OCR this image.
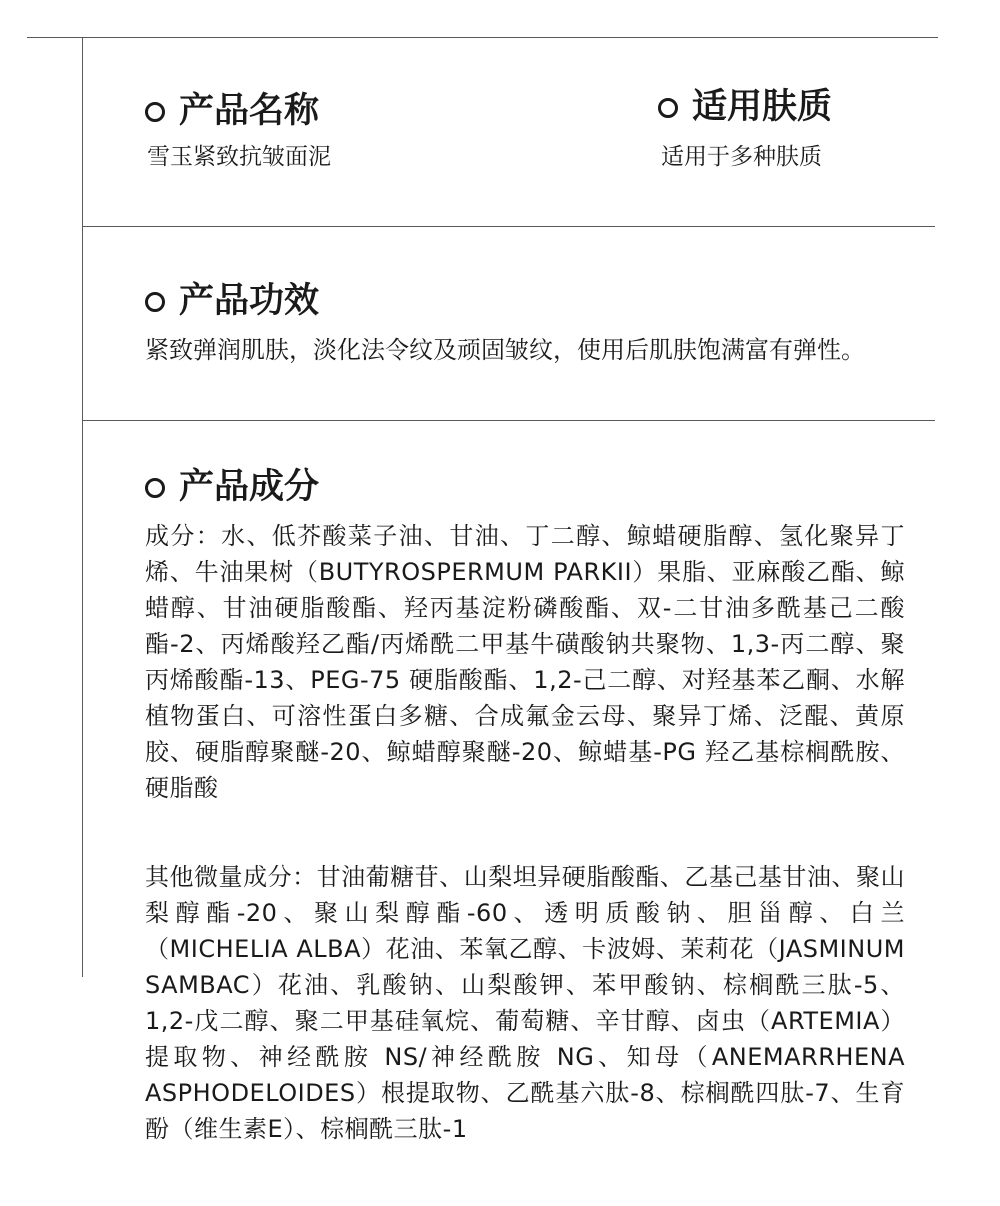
产品名称
雪玉紧致抗皱面泥
适用肤质
适用于多种肤质
产品功效
紧致弹润肌肤，淡化法令纹及顽固皱纹，使用后肌肤饱满富有弹性。
产品成分

成分：水、低芥酸菜子油、甘油、丁二醇、鲸蜡硬脂醇、氢化聚异丁烯、牛油果树（BUTYROSPERMUM PARKII）果脂、亚麻酸乙酯、鲸蜡醇、甘油硬脂酸酯、羟丙基淀粉磷酸酯、双-二甘油多酰基己二酸酯-2、丙烯酸羟乙酯/丙烯酰二甲基牛磺酸钠共聚物、1,3-丙二醇、聚丙烯酸酯-13、PEG-75 硬脂酸酯、1,2-己二醇、对羟基苯乙酮、水解植物蛋白、可溶性蛋白多糖、合成氟金云母、聚异丁烯、泛醌、黄原胶、硬脂醇聚醚-20、鲸蜡醇聚醚-20、鲸蜡基-PG 羟乙基棕榈酰胺、硬脂酸

其他微量成分：甘油葡糖苷、山梨坦异硬脂酸酯、乙基己基甘油、聚山梨醇酯-20、聚山梨醇酯-60、透明质酸钠、胆甾醇、白兰（MICHELIA ALBA）花油、苯氧乙醇、卡波姆、茉莉花（JASMINUM SAMBAC）花油、乳酸钠、山梨酸钾、苯甲酸钠、棕榈酰三肽-5、1,2-戊二醇、聚二甲基硅氧烷、葡萄糖、辛甘醇、卤虫（ARTEMIA）提取物、神经酰胺 NS/神经酰胺 NG、知母（ANEMARRHENA ASPHODELOIDES）根提取物、乙酰基六肽-8、棕榈酰四肽-7、生育酚（维生素E）、棕榈酰三肽-1
